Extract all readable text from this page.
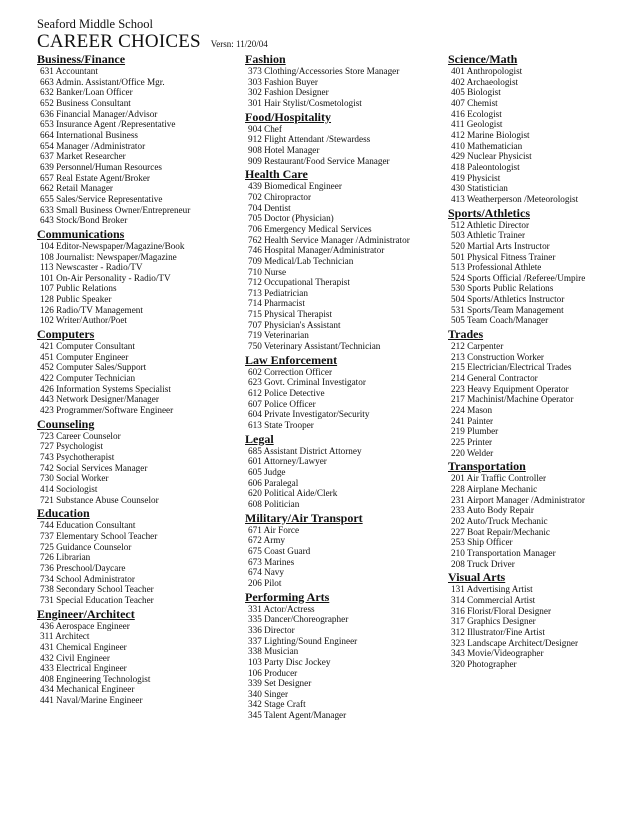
Seaford Middle School
CAREER CHOICES Versn: 11/20/04
Business/Finance
631 Accountant
663 Admin. Assistant/Office Mgr.
632 Banker/Loan Officer
652 Business Consultant
636 Financial Manager/Advisor
653 Insurance Agent /Representative
664 International Business
654 Manager /Administrator
637 Market Researcher
639 Personnel/Human Resources
657 Real Estate Agent/Broker
662 Retail Manager
655 Sales/Service Representative
633 Small Business Owner/Entrepreneur
643 Stock/Bond Broker
Communications
104 Editor-Newspaper/Magazine/Book
108 Journalist: Newspaper/Magazine
113 Newscaster - Radio/TV
101 On-Air Personality - Radio/TV
107 Public Relations
128 Public Speaker
126 Radio/TV Management
102 Writer/Author/Poet
Computers
421 Computer Consultant
451 Computer Engineer
452 Computer Sales/Support
422 Computer Technician
426 Information Systems Specialist
443 Network Designer/Manager
423 Programmer/Software Engineer
Counseling
723 Career Counselor
727 Psychologist
743 Psychotherapist
742 Social Services Manager
730 Social Worker
414 Sociologist
721 Substance Abuse Counselor
Education
744 Education Consultant
737 Elementary School Teacher
725 Guidance Counselor
726 Librarian
736 Preschool/Daycare
734 School Administrator
738 Secondary School Teacher
731 Special Education Teacher
Engineer/Architect
436 Aerospace Engineer
311 Architect
431 Chemical Engineer
432 Civil Engineer
433 Electrical Engineer
408 Engineering Technologist
434 Mechanical Engineer
441 Naval/Marine Engineer
Fashion
373 Clothing/Accessories Store Manager
303 Fashion Buyer
302 Fashion Designer
301 Hair Stylist/Cosmetologist
Food/Hospitality
904 Chef
912 Flight Attendant /Stewardess
908 Hotel Manager
909 Restaurant/Food Service Manager
Health Care
439 Biomedical Engineer
702 Chiropractor
704 Dentist
705 Doctor (Physician)
706 Emergency Medical Services
762 Health Service Manager /Administrator
746 Hospital Manager/Administrator
709 Medical/Lab Technician
710 Nurse
712 Occupational Therapist
713 Pediatrician
714 Pharmacist
715 Physical Therapist
707 Physician's Assistant
719 Veterinarian
750 Veterinary Assistant/Technician
Law Enforcement
602 Correction Officer
623 Govt. Criminal Investigator
612 Police Detective
607 Police Officer
604 Private Investigator/Security
613 State Trooper
Legal
685 Assistant District Attorney
601 Attorney/Lawyer
605 Judge
606 Paralegal
620 Political Aide/Clerk
608 Politician
Military/Air Transport
671 Air Force
672 Army
675 Coast Guard
673 Marines
674 Navy
206 Pilot
Performing Arts
331 Actor/Actress
335 Dancer/Choreographer
336 Director
337 Lighting/Sound Engineer
338 Musician
103 Party Disc Jockey
106 Producer
339 Set Designer
340 Singer
342 Stage Craft
345 Talent Agent/Manager
Science/Math
401 Anthropologist
402 Archaeologist
405 Biologist
407 Chemist
416 Ecologist
411 Geologist
412 Marine Biologist
410 Mathematician
429 Nuclear Physicist
418 Paleontologist
419 Physicist
430 Statistician
413 Weatherperson /Meteorologist
Sports/Athletics
512 Athletic Director
503 Athletic Trainer
520 Martial Arts Instructor
501 Physical Fitness Trainer
513 Professional Athlete
524 Sports Official /Referee/Umpire
530 Sports Public Relations
504 Sports/Athletics Instructor
531 Sports/Team Management
505 Team Coach/Manager
Trades
212 Carpenter
213 Construction Worker
215 Electrician/Electrical Trades
214 General Contractor
223 Heavy Equipment Operator
217 Machinist/Machine Operator
224 Mason
241 Painter
219 Plumber
225 Printer
220 Welder
Transportation
201 Air Traffic Controller
228 Airplane Mechanic
231 Airport Manager /Administrator
233 Auto Body Repair
202 Auto/Truck Mechanic
227 Boat Repair/Mechanic
253 Ship Officer
210 Transportation Manager
208 Truck Driver
Visual Arts
131 Advertising Artist
314 Commercial Artist
316 Florist/Floral Designer
317 Graphics Designer
312 Illustrator/Fine Artist
323 Landscape Architect/Designer
343 Movie/Videographer
320 Photographer
